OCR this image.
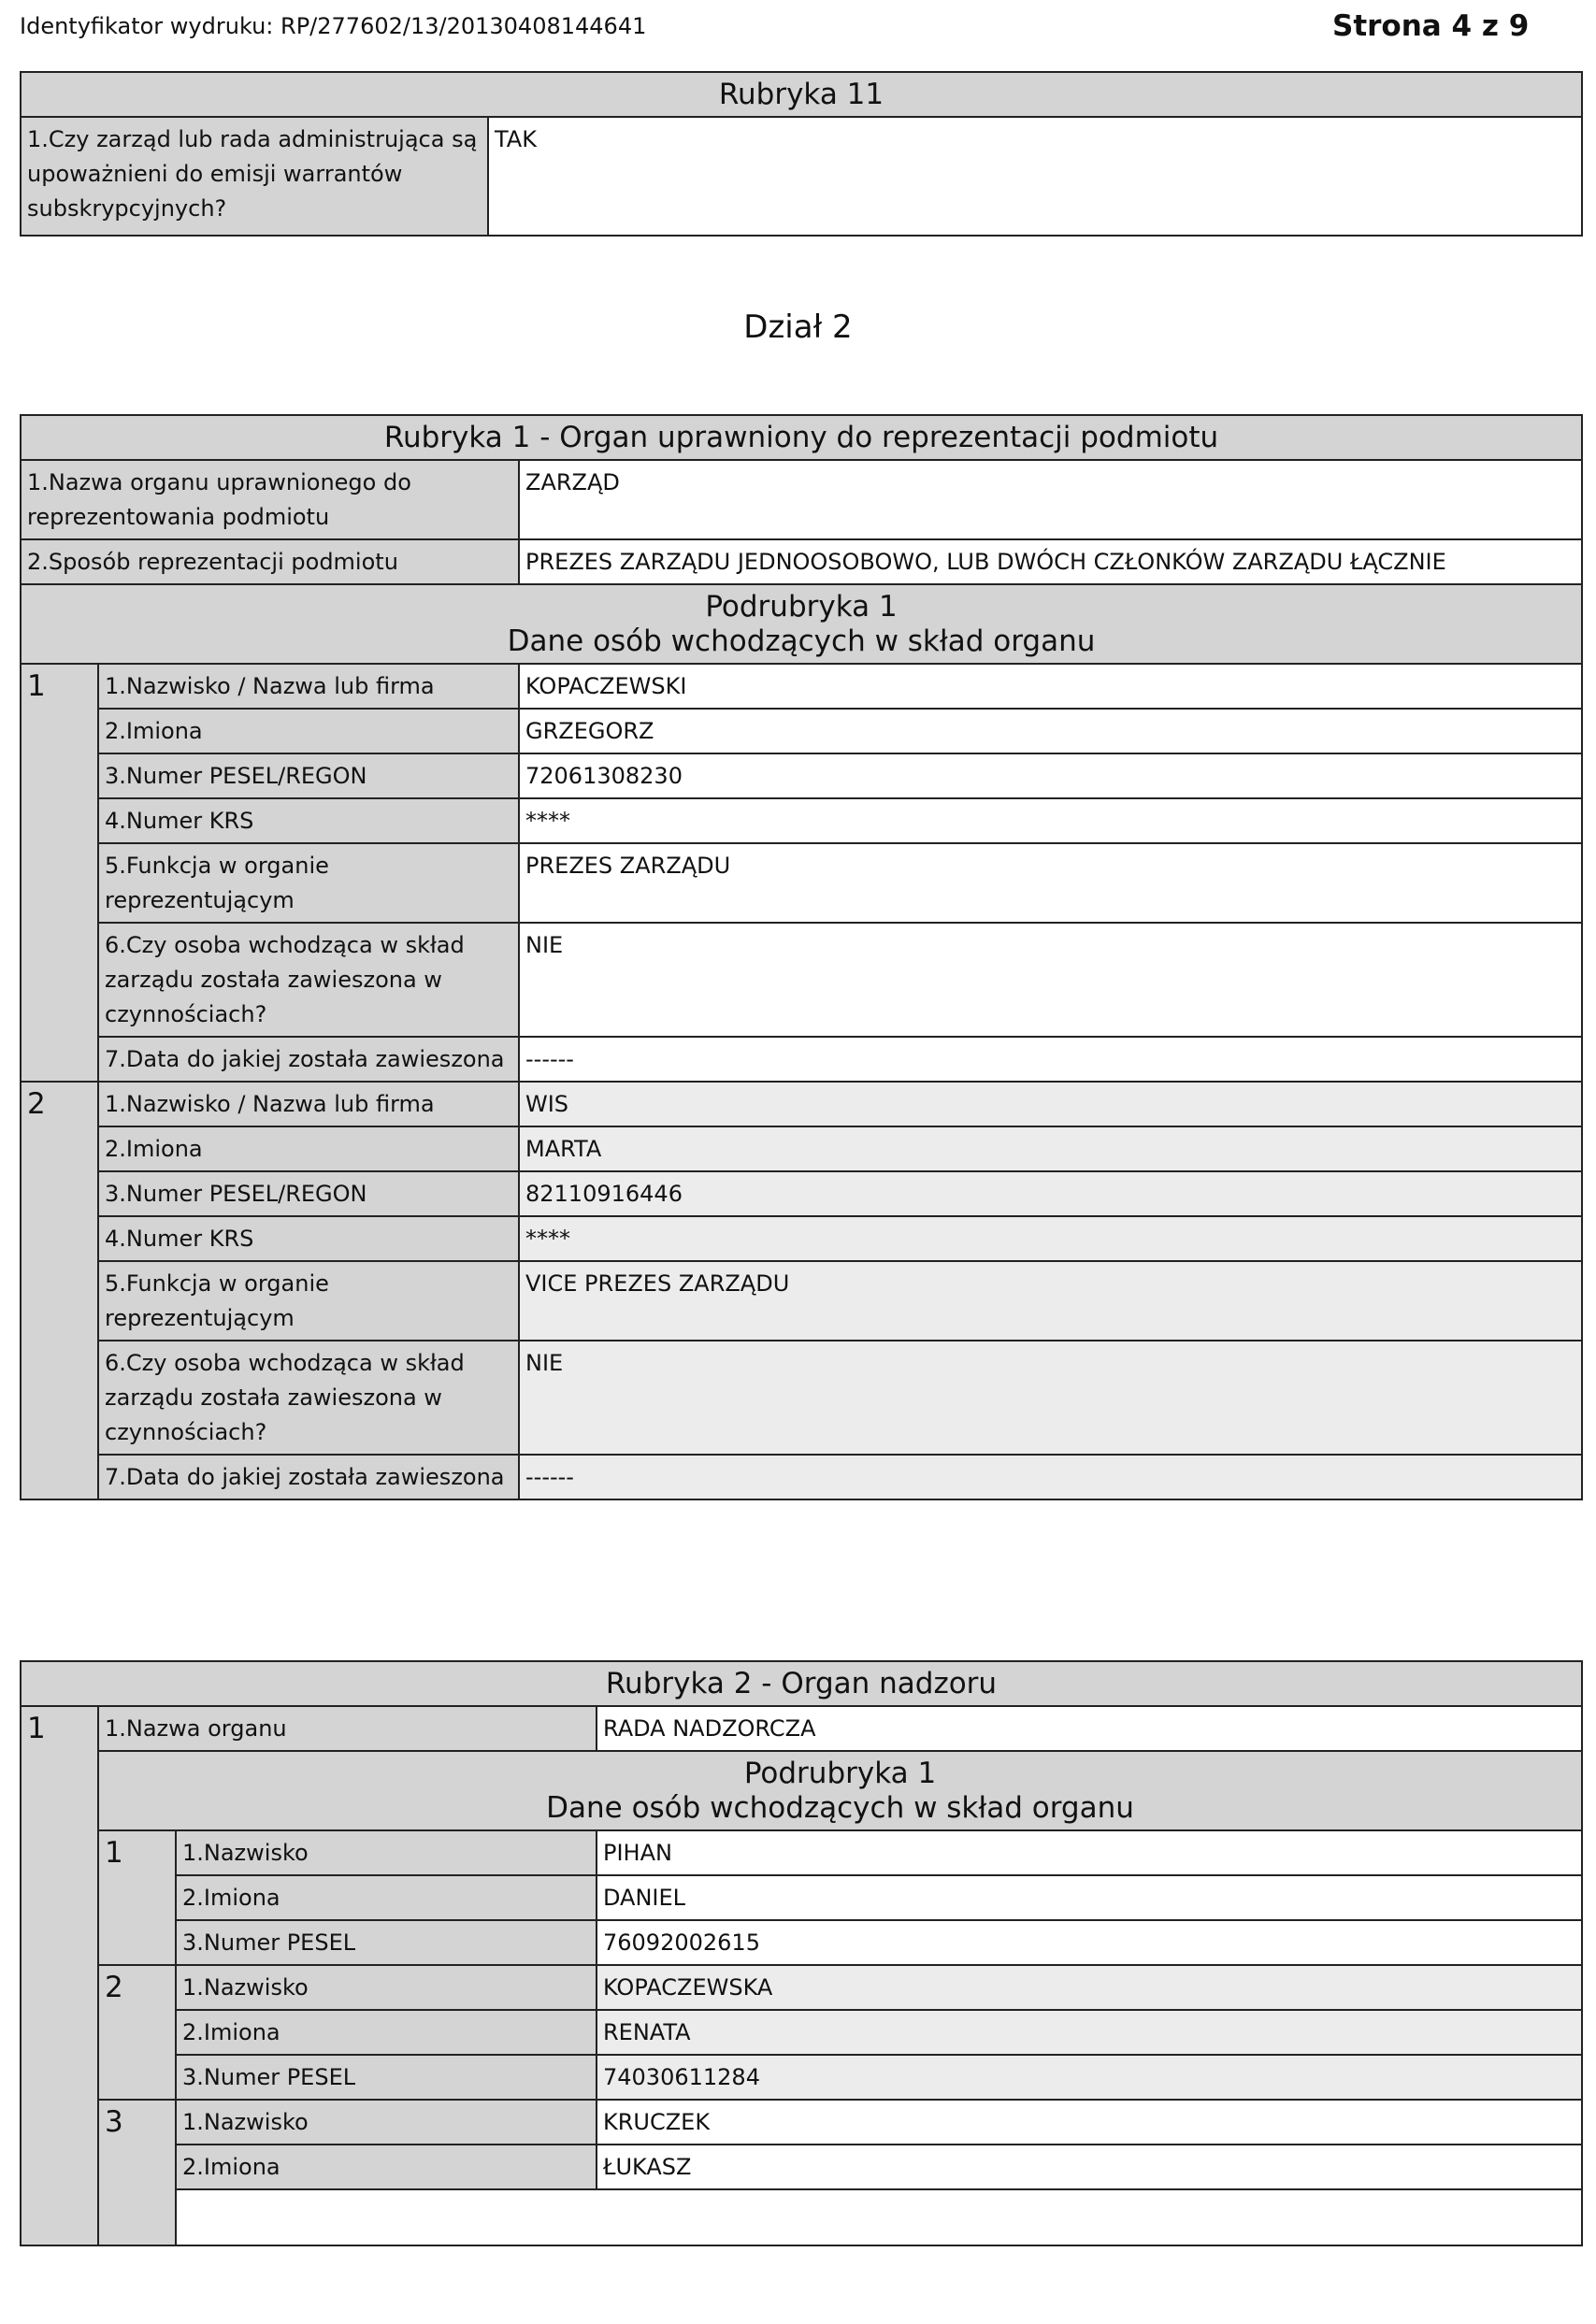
Identyfikator wydruku: RP/277602/13/20130408144641	Strona 4 z 9
Rubryka 11
1.Czy zarząd lub rada administrująca są upoważnieni do emisji warrantów subskrypcyjnych?	TAK
Dział 2
Rubryka 1 - Organ uprawniony do reprezentacji podmiotu		
1.Nazwa organu uprawnionego do reprezentowania podmiotu		ZARZĄD
2.Sposób reprezentacji podmiotu		PREZES ZARZĄDU JEDNOOSOBOWO, LUB DWÓCH CZŁONKÓW ZARZĄDU ŁĄCZNIE

Podrubryka 1
Dane osób wchodzących w skład organu		

1	1.Nazwisko / Nazwa lub firma	KOPACZEWSKI
	2.Imiona	GRZEGORZ
	3.Numer PESEL/REGON	72061308230
	4.Numer KRS	****
	5.Funkcja w organie reprezentującym	PREZES ZARZĄDU
	6.Czy osoba wchodząca w skład zarządu została zawieszona w czynnościach?	NIE
	7.Data do jakiej została zawieszona	------
2	1.Nazwisko / Nazwa lub firma	WIS
	2.Imiona	MARTA
	3.Numer PESEL/REGON	82110916446
	4.Numer KRS	****
	5.Funkcja w organie reprezentującym	VICE PREZES ZARZĄDU
	6.Czy osoba wchodząca w skład zarządu została zawieszona w czynnościach?	NIE
	7.Data do jakiej została zawieszona	------
Rubryka 2 - Organ nadzoru			
1	1.Nazwa organu		RADA NADZORCZA

	Podrubryka 1
Dane osób wchodzących w skład organu		

	1	1.Nazwisko	PIHAN
		2.Imiona	DANIEL
		3.Numer PESEL	76092002615
	2	1.Nazwisko	KOPACZEWSKA
		2.Imiona	RENATA
		3.Numer PESEL	74030611284
	3	1.Nazwisko	KRUCZEK
		2.Imiona	ŁUKASZ
